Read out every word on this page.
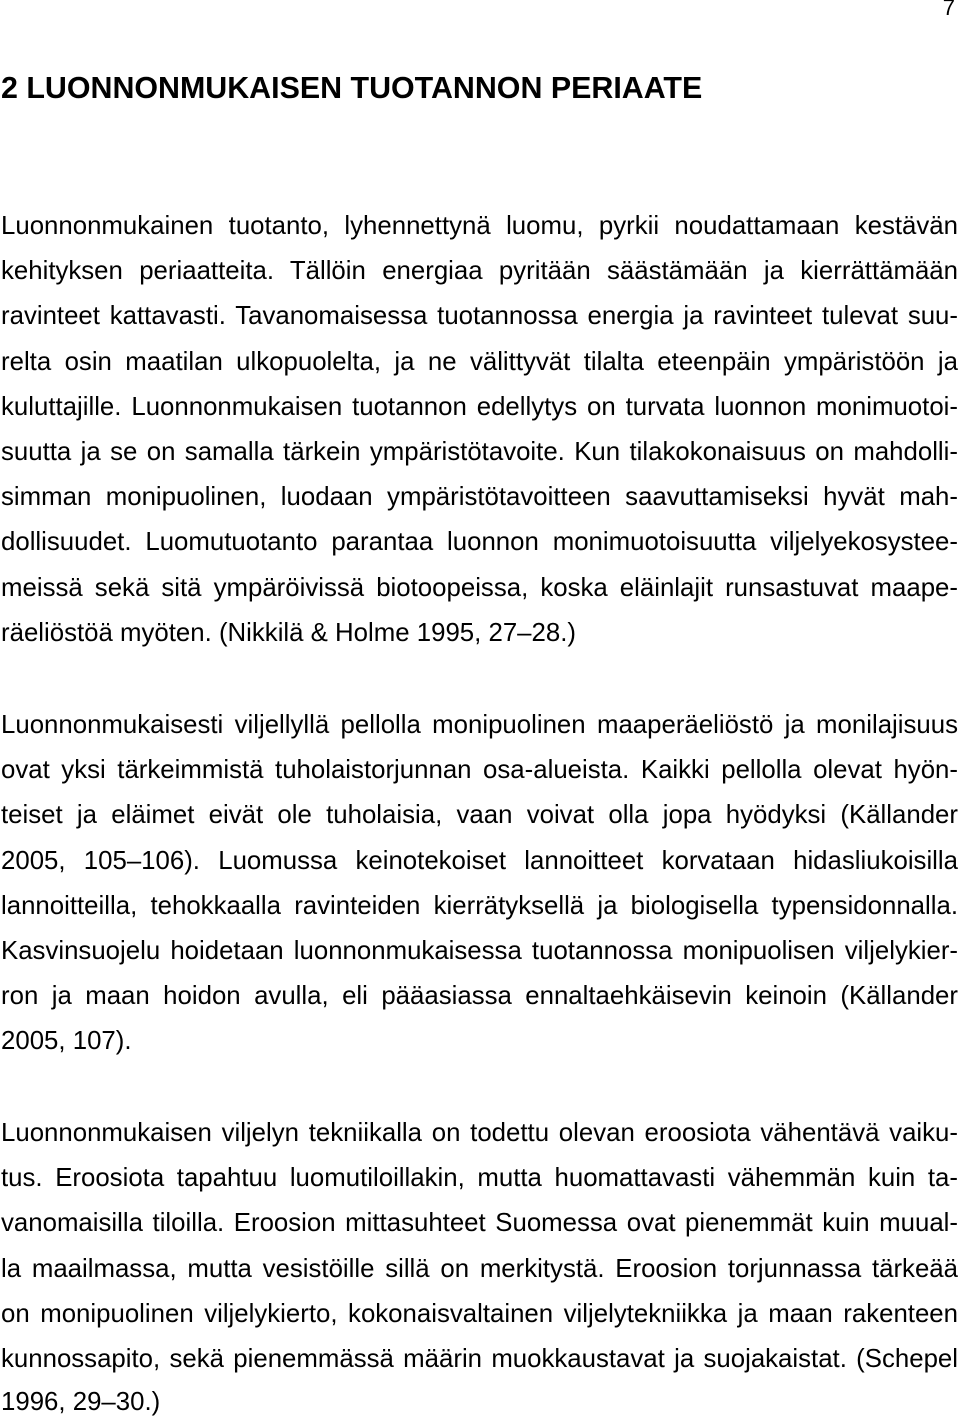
7
2 LUONNONMUKAISEN TUOTANNON PERIAATE
Luonnonmukainen tuotanto, lyhennettynä luomu, pyrkii noudattamaan kestävän
kehityksen periaatteita. Tällöin energiaa pyritään säästämään ja kierrättämään
ravinteet kattavasti. Tavanomaisessa tuotannossa energia ja ravinteet tulevat suu-
relta osin maatilan ulkopuolelta, ja ne välittyvät tilalta eteenpäin ympäristöön ja
kuluttajille. Luonnonmukaisen tuotannon edellytys on turvata luonnon monimuotoi-
suutta ja se on samalla tärkein ympäristötavoite. Kun tilakokonaisuus on mahdolli-
simman monipuolinen, luodaan ympäristötavoitteen saavuttamiseksi hyvät mah-
dollisuudet. Luomutuotanto parantaa luonnon monimuotoisuutta viljelyekosystee-
meissä sekä sitä ympäröivissä biotoopeissa, koska eläinlajit runsastuvat maape-
räeliöstöä myöten. (Nikkilä & Holme 1995, 27–28.)
Luonnonmukaisesti viljellyllä pellolla monipuolinen maaperäeliöstö ja monilajisuus
ovat yksi tärkeimmistä tuholaistorjunnan osa-alueista. Kaikki pellolla olevat hyön-
teiset ja eläimet eivät ole tuholaisia, vaan voivat olla jopa hyödyksi (Källander
2005, 105–106). Luomussa keinotekoiset lannoitteet korvataan hidasliukoisilla
lannoitteilla, tehokkaalla ravinteiden kierrätyksellä ja biologisella typensidonnalla.
Kasvinsuojelu hoidetaan luonnonmukaisessa tuotannossa monipuolisen viljelykier-
ron ja maan hoidon avulla, eli pääasiassa ennaltaehkäisevin keinoin (Källander
2005, 107).
Luonnonmukaisen viljelyn tekniikalla on todettu olevan eroosiota vähentävä vaiku-
tus. Eroosiota tapahtuu luomutiloillakin, mutta huomattavasti vähemmän kuin ta-
vanomaisilla tiloilla. Eroosion mittasuhteet Suomessa ovat pienemmät kuin muual-
la maailmassa, mutta vesistöille sillä on merkitystä. Eroosion torjunnassa tärkeää
on monipuolinen viljelykierto, kokonaisvaltainen viljelytekniikka ja maan rakenteen
kunnossapito, sekä pienemmässä määrin muokkaustavat ja suojakaistat. (Schepel
1996, 29–30.)
